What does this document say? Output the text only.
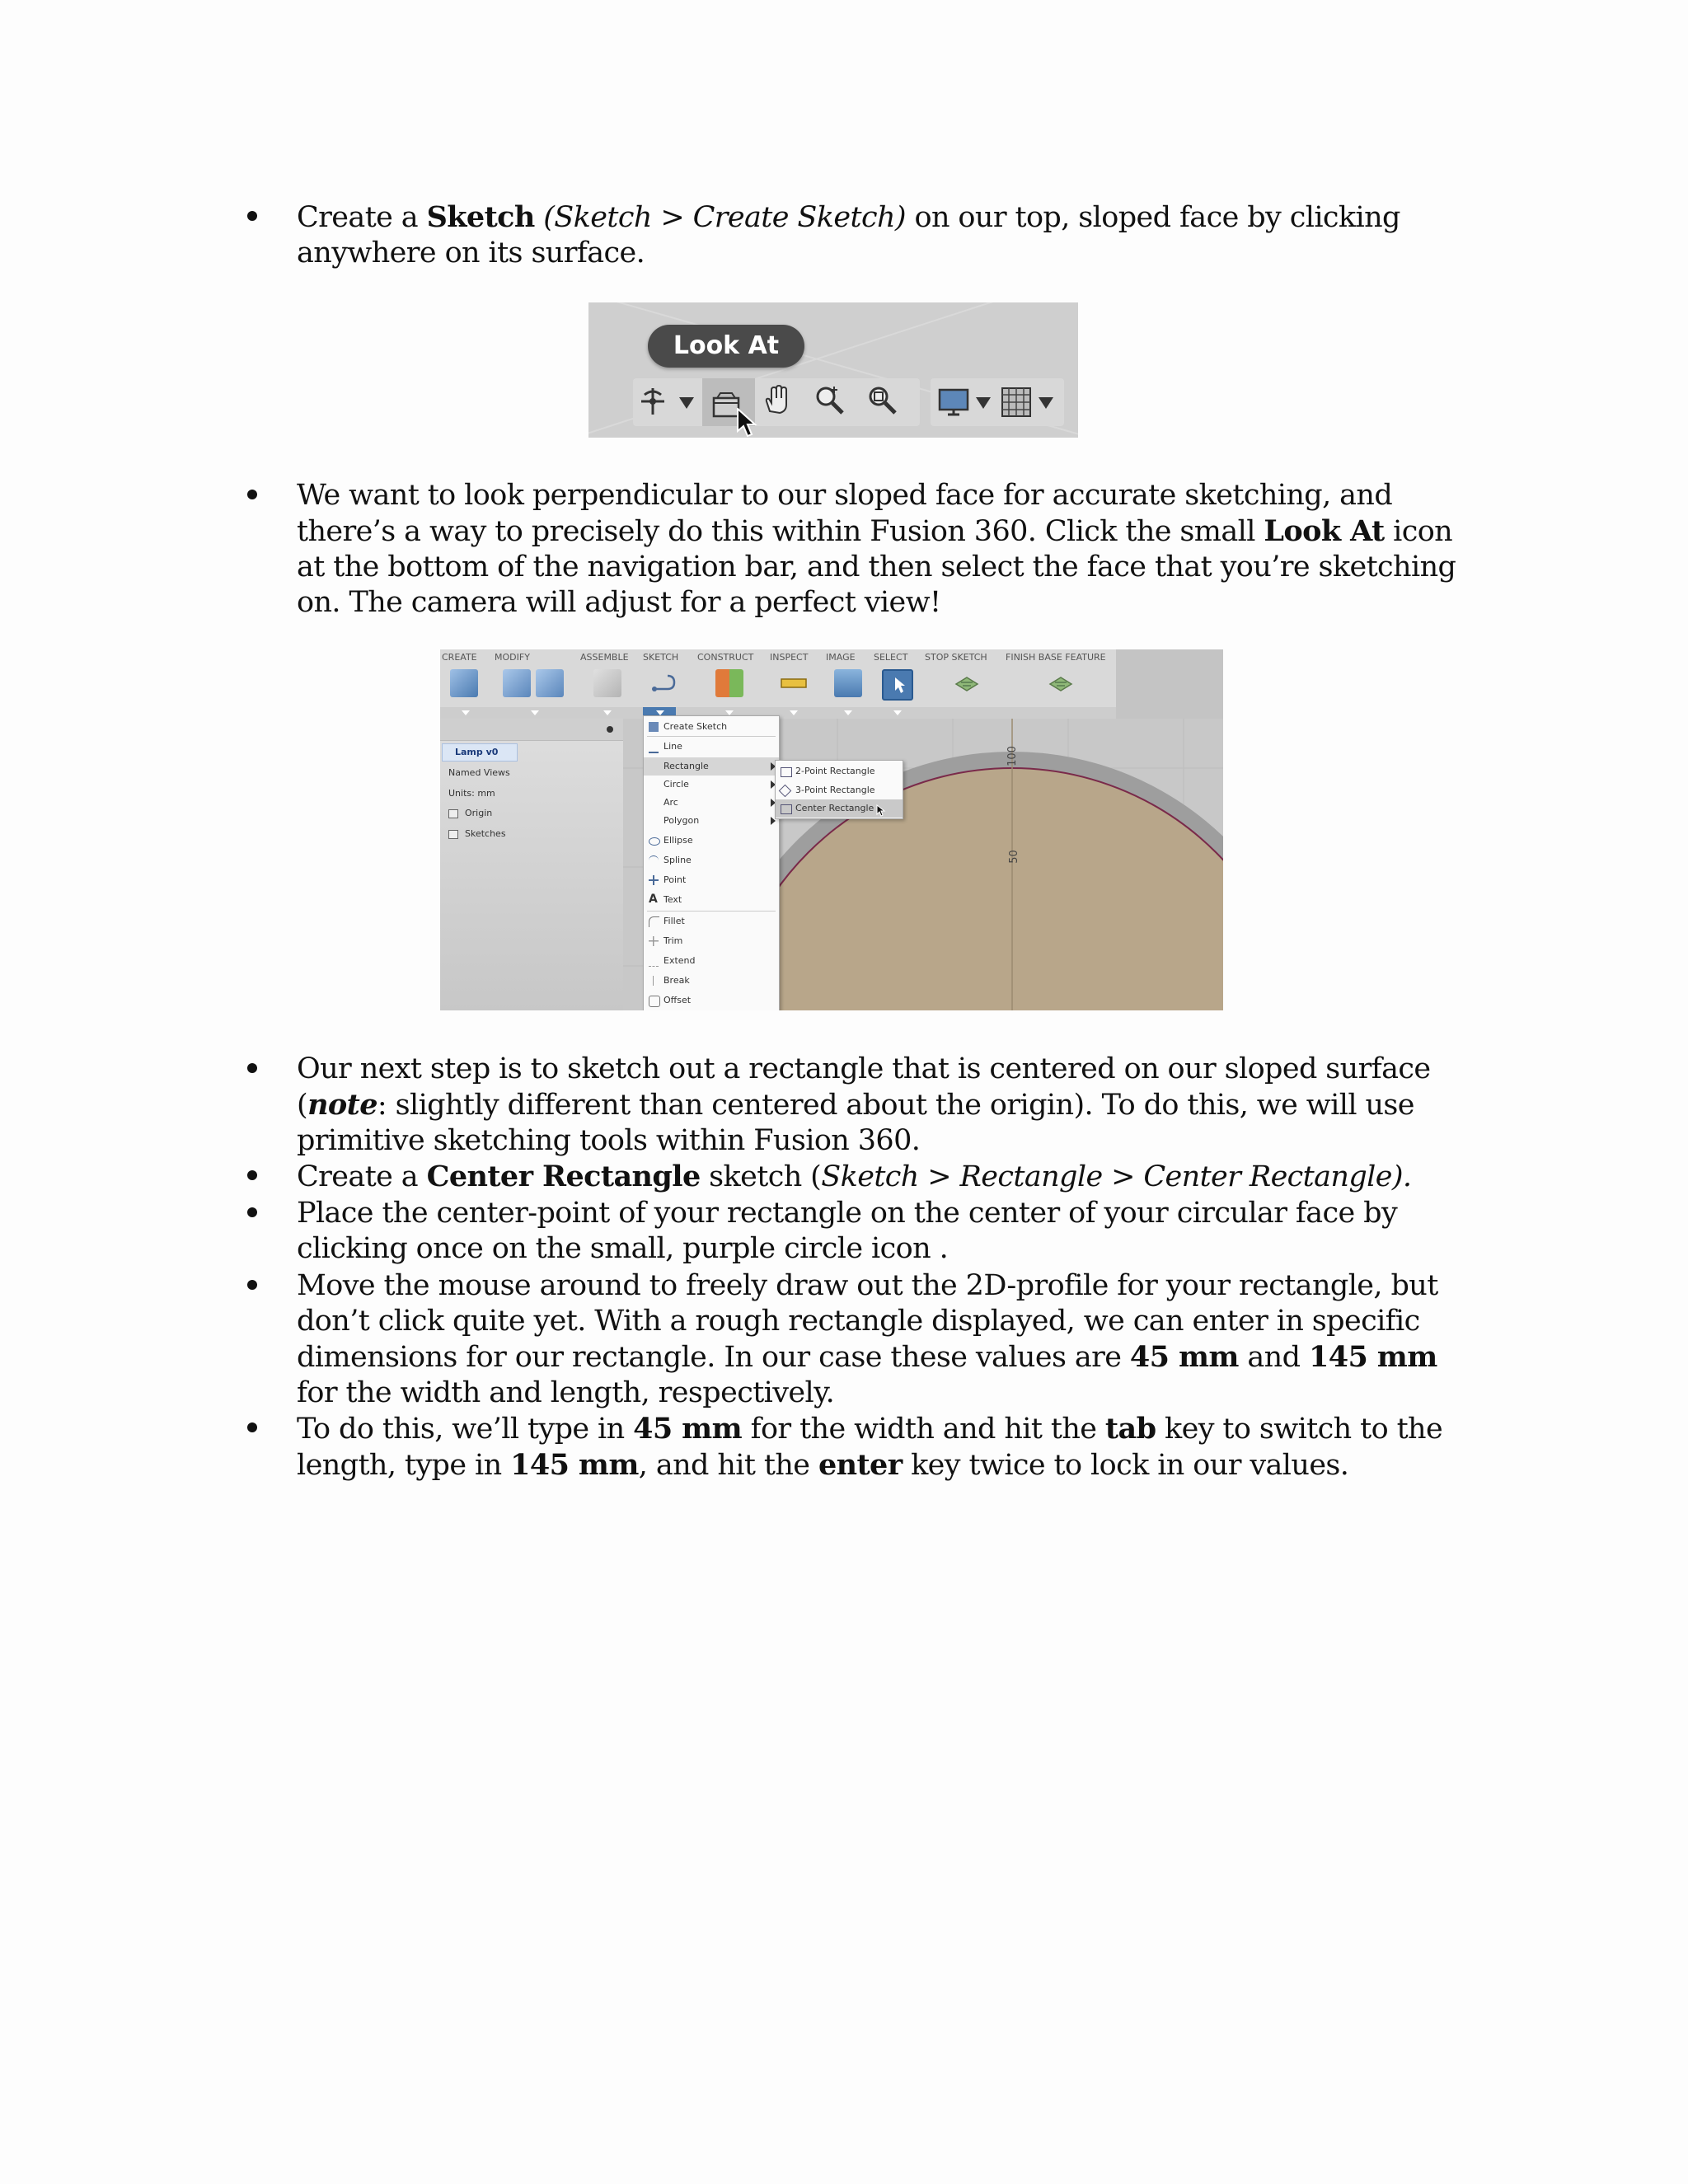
Create a Sketch (Sketch > Create Sketch) on our top, sloped face by clicking anywhere on its surface.
Look At
We want to look perpendicular to our sloped face for accurate sketching, and there’s a way to precisely do this within Fusion 360. Click the small Look At icon at the bottom of the navigation bar, and then select the face that you’re sketching on. The camera will adjust for a perfect view!
CREATE MODIFY	ASSEMBLE SKETCH CONSTRUCT INSPECT IMAGE SELECT STOP SKETCH FINISH BASE FEATURE
Lamp v0
Named Views
Units: mm
Origin
Sketches
100
50
Create Sketch
Line
Rectangle
Circle
Arc
Polygon
Ellipse
Spline
Point
A Text
Fillet
Trim
Extend
Break
Offset
2-Point Rectangle
3-Point Rectangle
Center Rectangle
Our next step is to sketch out a rectangle that is centered on our sloped surface (note: slightly different than centered about the origin). To do this, we will use primitive sketching tools within Fusion 360.
Create a Center Rectangle sketch (Sketch > Rectangle > Center Rectangle).
Place the center-point of your rectangle on the center of your circular face by clicking once on the small, purple circle icon .
Move the mouse around to freely draw out the 2D-profile for your rectangle, but don’t click quite yet. With a rough rectangle displayed, we can enter in specific dimensions for our rectangle. In our case these values are 45 mm and 145 mm for the width and length, respectively.
To do this, we’ll type in 45 mm for the width and hit the tab key to switch to the length, type in 145 mm, and hit the enter key twice to lock in our values.
